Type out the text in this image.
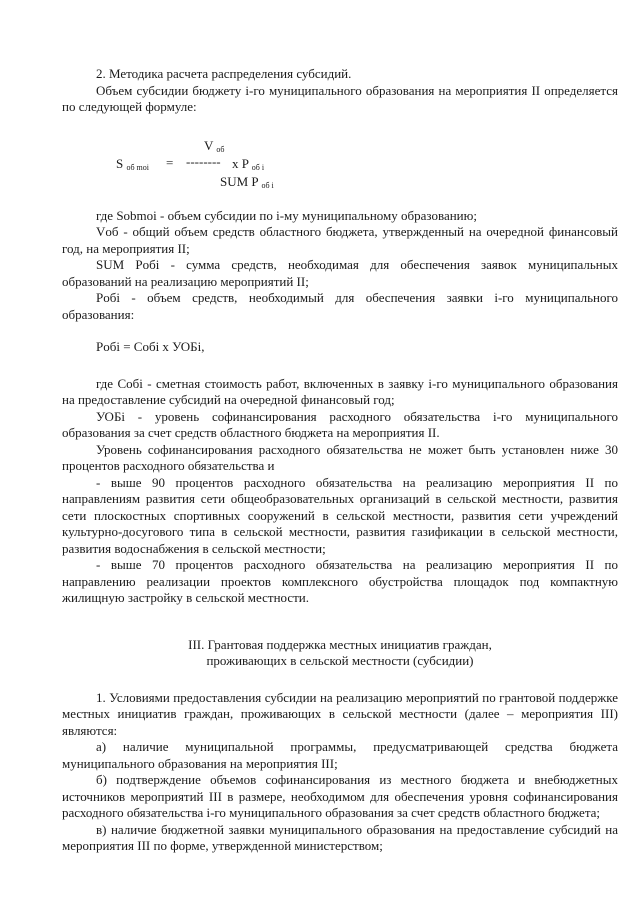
2. Методика расчета распределения субсидий.

Объем субсидии бюджету i-го муниципального образования на мероприятия II определяется по следующей формуле:

V $_{об}$
S $_{об moi}$ = -------- x P $_{об i}$
SUM P $_{об i}$

где Sobmoi - объем субсидии по i-му муниципальному образованию;

Vоб - общий объем средств областного бюджета, утвержденный на очередной финансовый год, на мероприятия II;

SUM Pобi - сумма средств, необходимая для обеспечения заявок муниципальных образований на реализацию мероприятий II;

Pобi - объем средств, необходимый для обеспечения заявки i-го муниципального образования:

Pобi = Cобi x УОБi,

где Cобi - сметная стоимость работ, включенных в заявку i-го муниципального образования на предоставление субсидий на очередной финансовый год;

УОБi - уровень софинансирования расходного обязательства i-го муниципального образования за счет средств областного бюджета на мероприятия II.

Уровень софинансирования расходного обязательства не может быть установлен ниже 30 процентов расходного обязательства и

- выше 90 процентов расходного обязательства на реализацию мероприятия II по направлениям развития сети общеобразовательных организаций в сельской местности, развития сети плоскостных спортивных сооружений в сельской местности, развития сети учреждений культурно-досугового типа в сельской местности, развития газификации в сельской местности, развития водоснабжения в сельской местности;

- выше 70 процентов расходного обязательства на реализацию мероприятия II по направлению реализации проектов комплексного обустройства площадок под компактную жилищную застройку в сельской местности.

III. Грантовая поддержка местных инициатив граждан,

проживающих в сельской местности (субсидии)

1. Условиями предоставления субсидии на реализацию мероприятий по грантовой поддержке местных инициатив граждан, проживающих в сельской местности (далее – мероприятия III) являются:

а) наличие муниципальной программы, предусматривающей средства бюджета муниципального образования на мероприятия III;

б) подтверждение объемов софинансирования из местного бюджета и внебюджетных источников мероприятий III в размере, необходимом для обеспечения уровня софинансирования расходного обязательства i-го муниципального образования за счет средств областного бюджета;

в) наличие бюджетной заявки муниципального образования на предоставление субсидий на мероприятия III по форме, утвержденной министерством;
